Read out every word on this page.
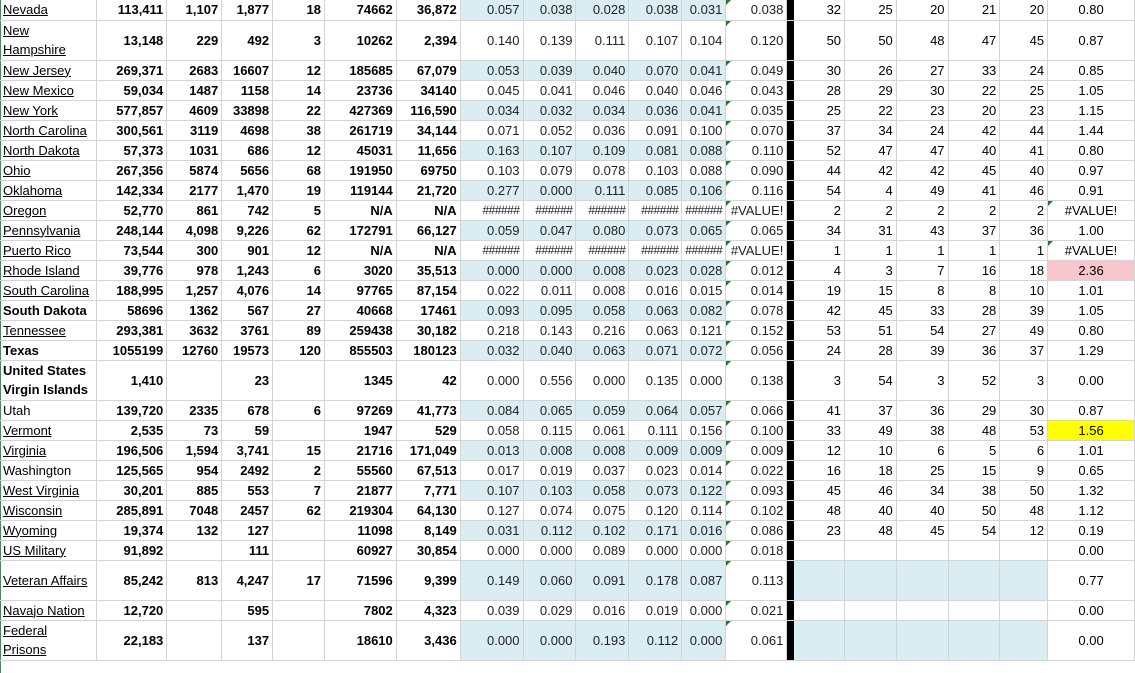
Nevada	113,411	1,107	1,877	18	74662	36,872	0.057	0.038	0.028	0.038	0.031	0.038		32	25	20	21	20	0.80
New Hampshire	13,148	229	492	3	10262	2,394	0.140	0.139	0.111	0.107	0.104	0.120		50	50	48	47	45	0.87
New Jersey	269,371	2683	16607	12	185685	67,079	0.053	0.039	0.040	0.070	0.041	0.049		30	26	27	33	24	0.85
New Mexico	59,034	1487	1158	14	23736	34140	0.045	0.041	0.046	0.040	0.046	0.043		28	29	30	22	25	1.05
New York	577,857	4609	33898	22	427369	116,590	0.034	0.032	0.034	0.036	0.041	0.035		25	22	23	20	23	1.15
North Carolina	300,561	3119	4698	38	261719	34,144	0.071	0.052	0.036	0.091	0.100	0.070		37	34	24	42	44	1.44
North Dakota	57,373	1031	686	12	45031	11,656	0.163	0.107	0.109	0.081	0.088	0.110		52	47	47	40	41	0.80
Ohio	267,356	5874	5656	68	191950	69750	0.103	0.079	0.078	0.103	0.088	0.090		44	42	42	45	40	0.97
Oklahoma	142,334	2177	1,470	19	119144	21,720	0.277	0.000	0.111	0.085	0.106	0.116		54	4	49	41	46	0.91
Oregon	52,770	861	742	5	N/A	N/A	######	######	######	######	######	#VALUE!		2	2	2	2	2	#VALUE!
Pennsylvania	248,144	4,098	9,226	62	172791	66,127	0.059	0.047	0.080	0.073	0.065	0.065		34	31	43	37	36	1.00
Puerto Rico	73,544	300	901	12	N/A	N/A	######	######	######	######	######	#VALUE!		1	1	1	1	1	#VALUE!
Rhode Island	39,776	978	1,243	6	3020	35,513	0.000	0.000	0.008	0.023	0.028	0.012		4	3	7	16	18	2.36
South Carolina	188,995	1,257	4,076	14	97765	87,154	0.022	0.011	0.008	0.016	0.015	0.014		19	15	8	8	10	1.01
South Dakota	58696	1362	567	27	40668	17461	0.093	0.095	0.058	0.063	0.082	0.078		42	45	33	28	39	1.05
Tennessee	293,381	3632	3761	89	259438	30,182	0.218	0.143	0.216	0.063	0.121	0.152		53	51	54	27	49	0.80
Texas	1055199	12760	19573	120	855503	180123	0.032	0.040	0.063	0.071	0.072	0.056		24	28	39	36	37	1.29
United States Virgin Islands	1,410		23		1345	42	0.000	0.556	0.000	0.135	0.000	0.138		3	54	3	52	3	0.00
Utah	139,720	2335	678	6	97269	41,773	0.084	0.065	0.059	0.064	0.057	0.066		41	37	36	29	30	0.87
Vermont	2,535	73	59		1947	529	0.058	0.115	0.061	0.111	0.156	0.100		33	49	38	48	53	1.56
Virginia	196,506	1,594	3,741	15	21716	171,049	0.013	0.008	0.008	0.009	0.009	0.009		12	10	6	5	6	1.01
Washington	125,565	954	2492	2	55560	67,513	0.017	0.019	0.037	0.023	0.014	0.022		16	18	25	15	9	0.65
West Virginia	30,201	885	553	7	21877	7,771	0.107	0.103	0.058	0.073	0.122	0.093		45	46	34	38	50	1.32
Wisconsin	285,891	7048	2457	62	219304	64,130	0.127	0.074	0.075	0.120	0.114	0.102		48	40	40	50	48	1.12
Wyoming	19,374	132	127		11098	8,149	0.031	0.112	0.102	0.171	0.016	0.086		23	48	45	54	12	0.19
US Military	91,892		111		60927	30,854	0.000	0.000	0.089	0.000	0.000	0.018							0.00
Veteran Affairs	85,242	813	4,247	17	71596	9,399	0.149	0.060	0.091	0.178	0.087	0.113							0.77
Navajo Nation	12,720		595		7802	4,323	0.039	0.029	0.016	0.019	0.000	0.021							0.00
Federal Prisons	22,183		137		18610	3,436	0.000	0.000	0.193	0.112	0.000	0.061							0.00
